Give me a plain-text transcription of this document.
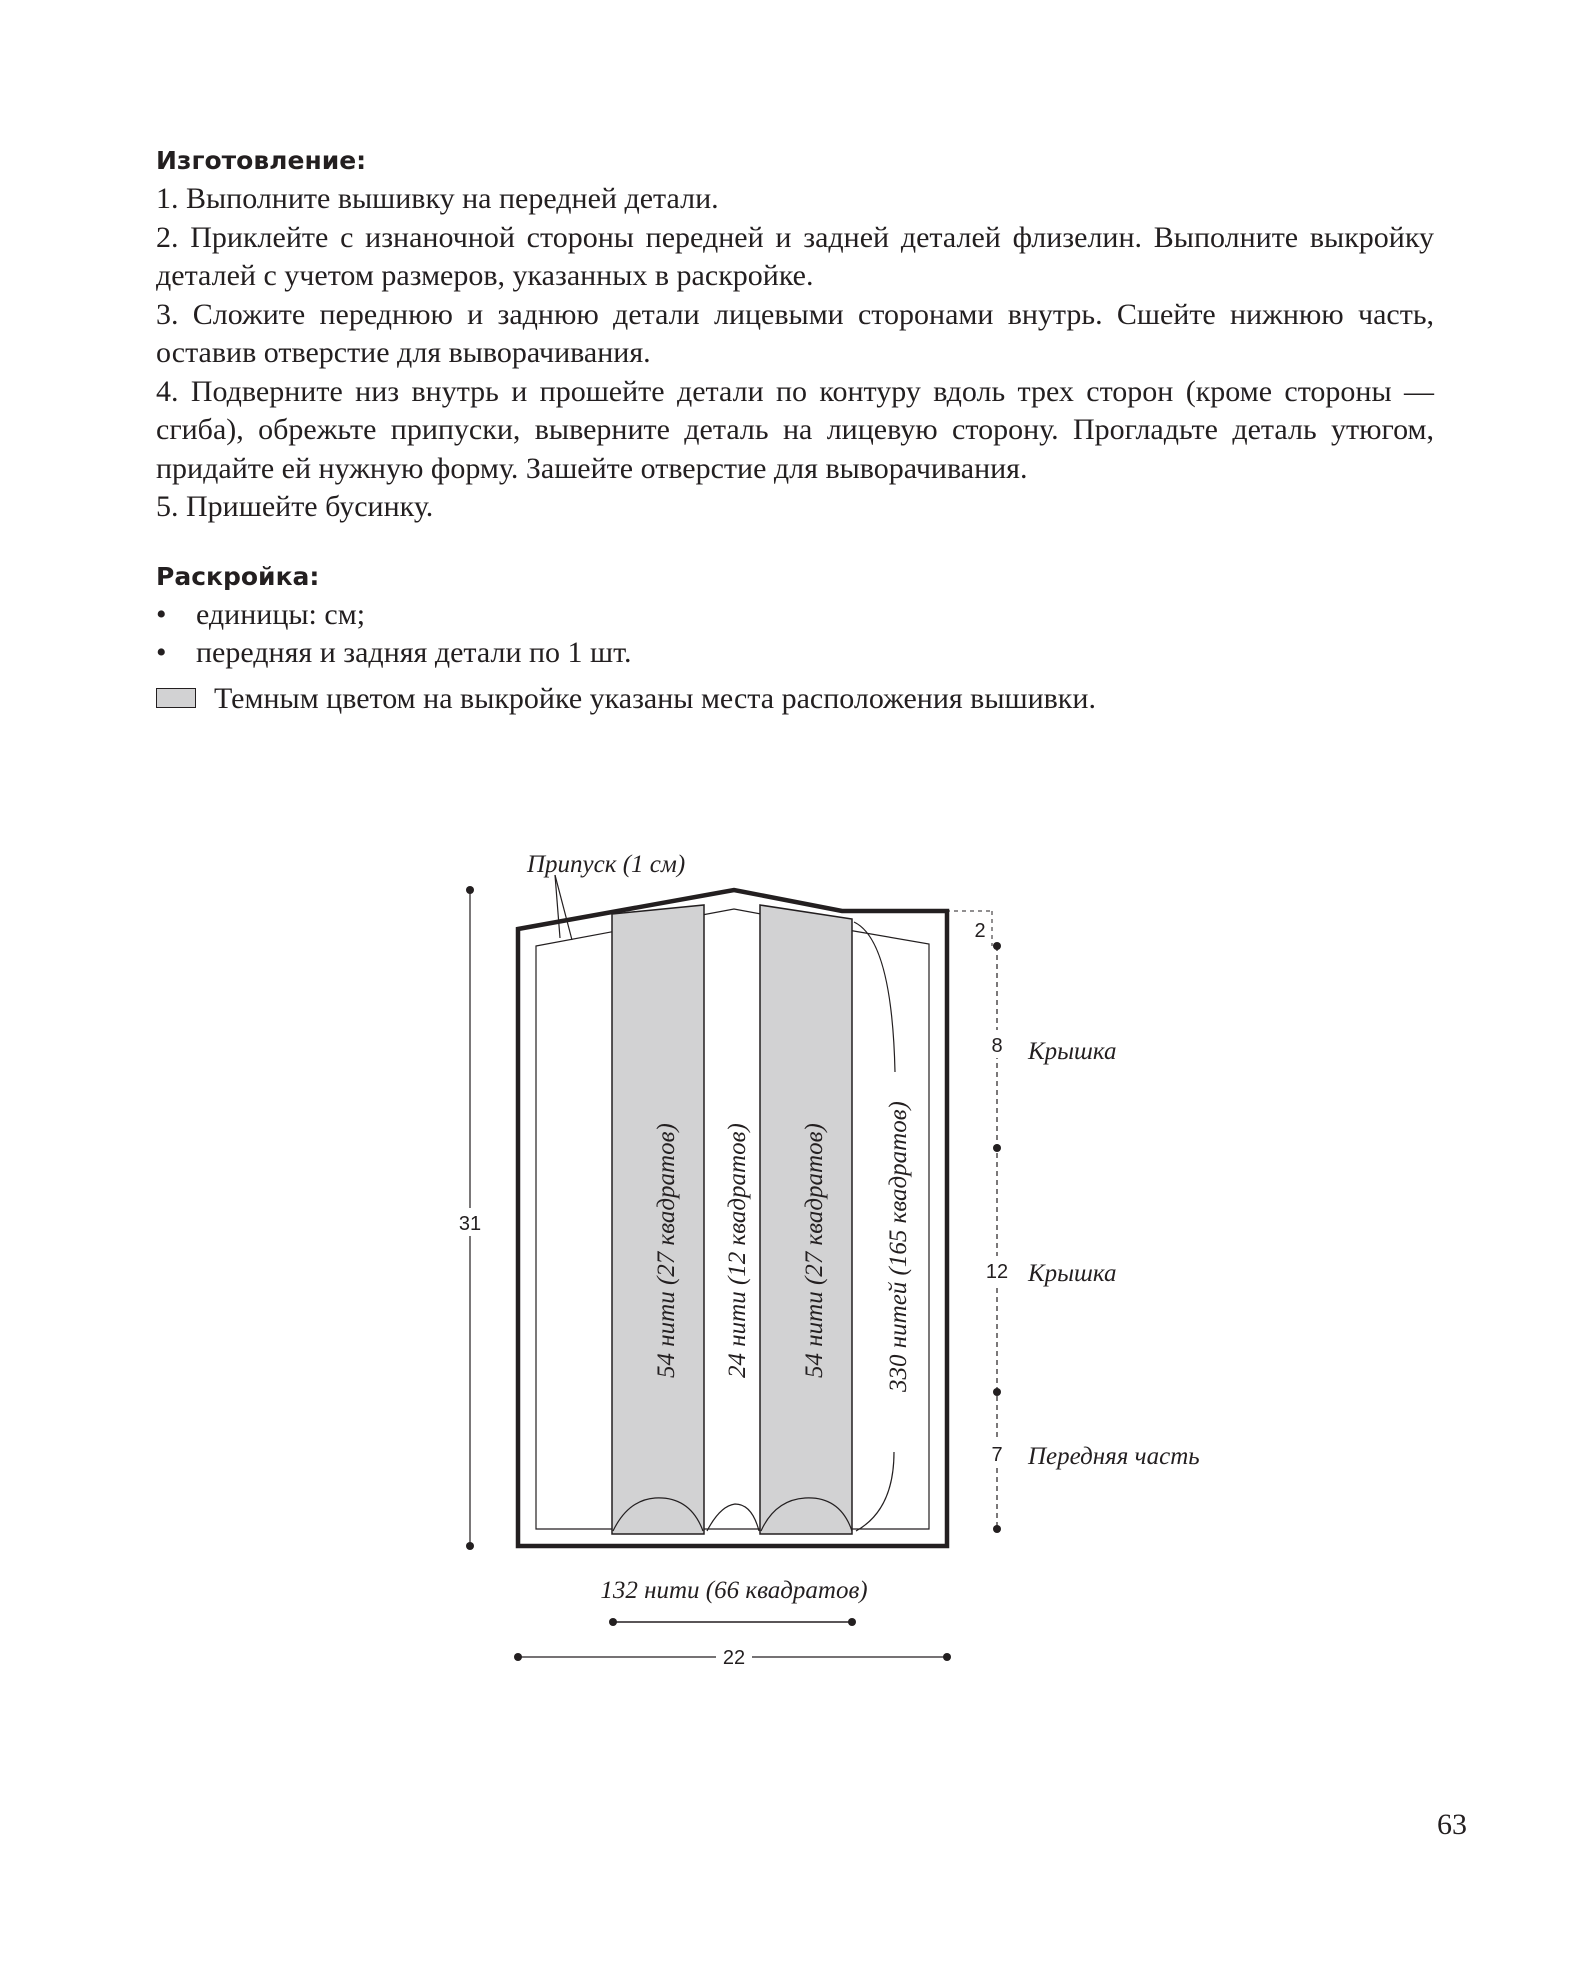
Изготовление:

1. Выполните вышивку на передней детали.

2. Приклейте с изнаночной стороны передней и задней деталей флизелин. Выполните выкройку деталей с учетом размеров, указанных в раскройке.

3. Сложите переднюю и заднюю детали лицевыми сторонами внутрь. Сшейте нижнюю часть, оставив отверстие для выворачивания.

4. Подверните низ внутрь и прошейте детали по контуру вдоль трех сторон (кроме стороны — сгиба), обрежьте припуски, выверните деталь на лицевую сторону. Прогладьте деталь утюгом, придайте ей нужную форму. Зашейте отверстие для выворачивания.

5. Пришейте бусинку.

Раскройка:
• единицы: см;
• передняя и задняя детали по 1 шт.
Темным цветом на выкройке указаны места расположения вышивки.
Припуск (1 см)
31
2
8
12
7
Крышка
Крышка
Передняя часть
54 нити (27 квадратов) 24 нити (12 квадратов) 54 нити (27 квадратов) 330 нитей (165 квадратов)
132 нити (66 квадратов)
22
63
